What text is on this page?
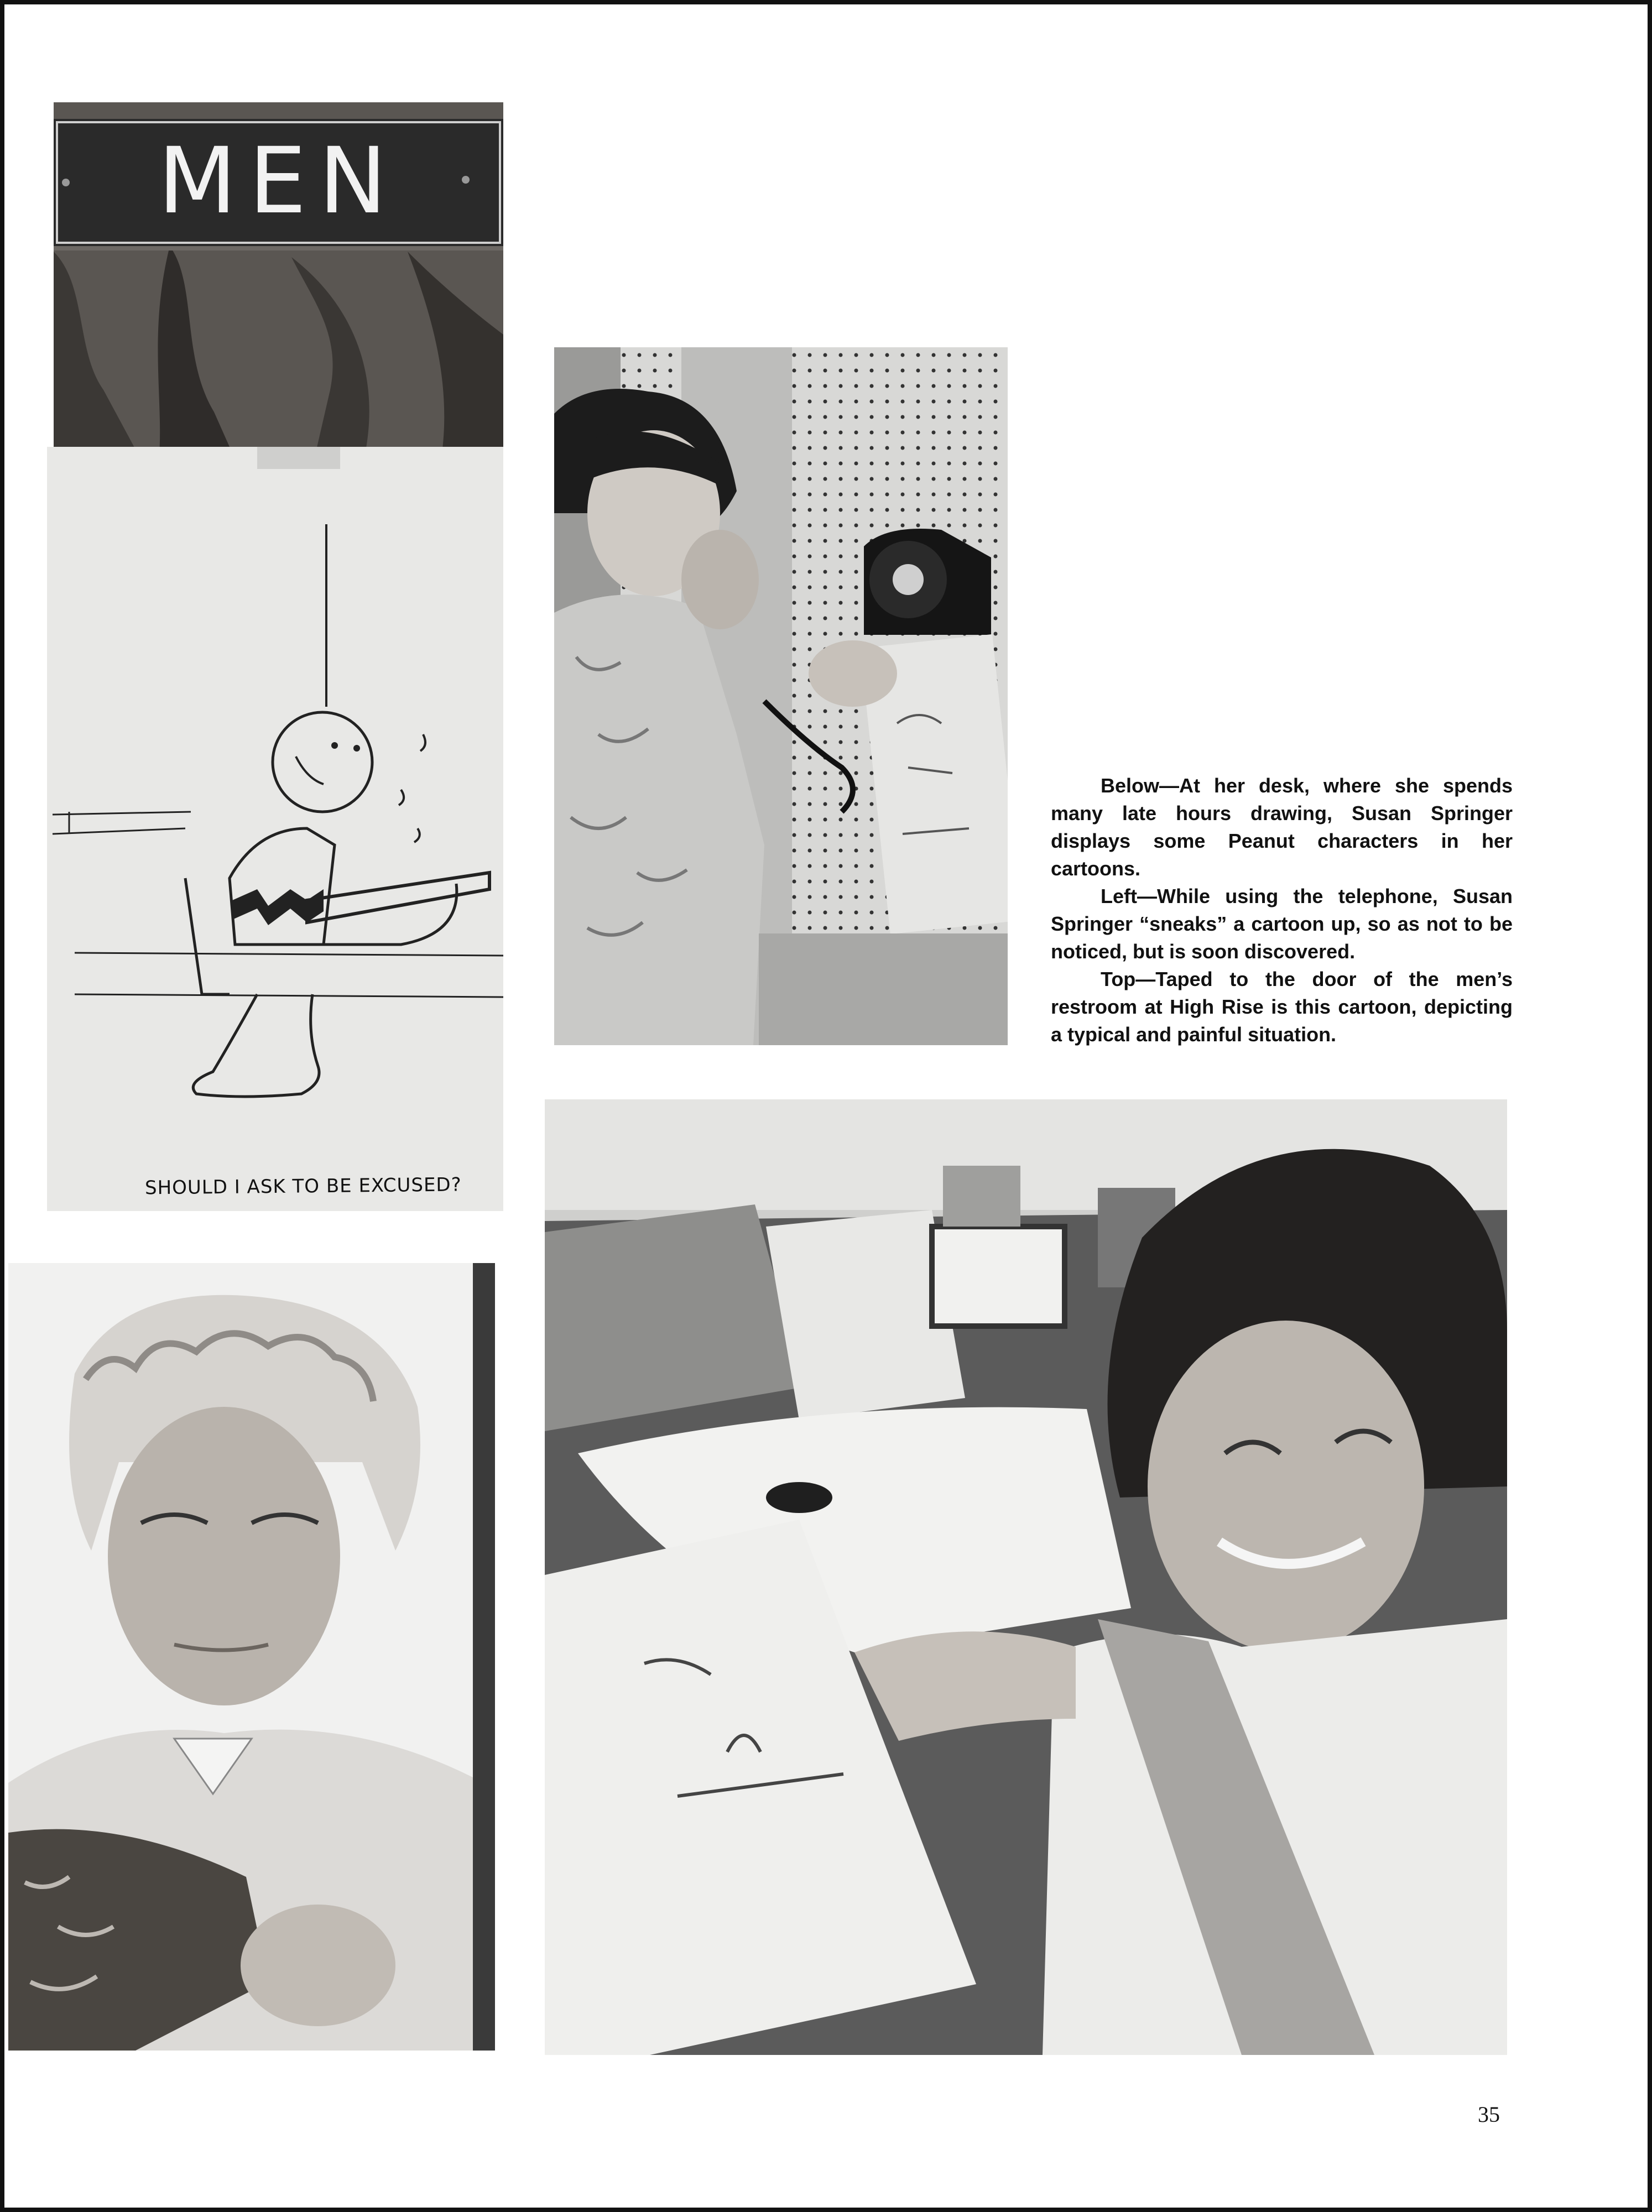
MEN
SHOULD I ASK TO BE EXCUSED?

Below—At her desk, where she spends many late hours drawing, Susan Springer displays some Peanut characters in her cartoons.

Left—While using the telephone, Susan Springer “sneaks” a cartoon up, so as not to be noticed, but is soon discovered.

Top—Taped to the door of the men’s restroom at High Rise is this cartoon, depicting a typical and painful situation.

35
